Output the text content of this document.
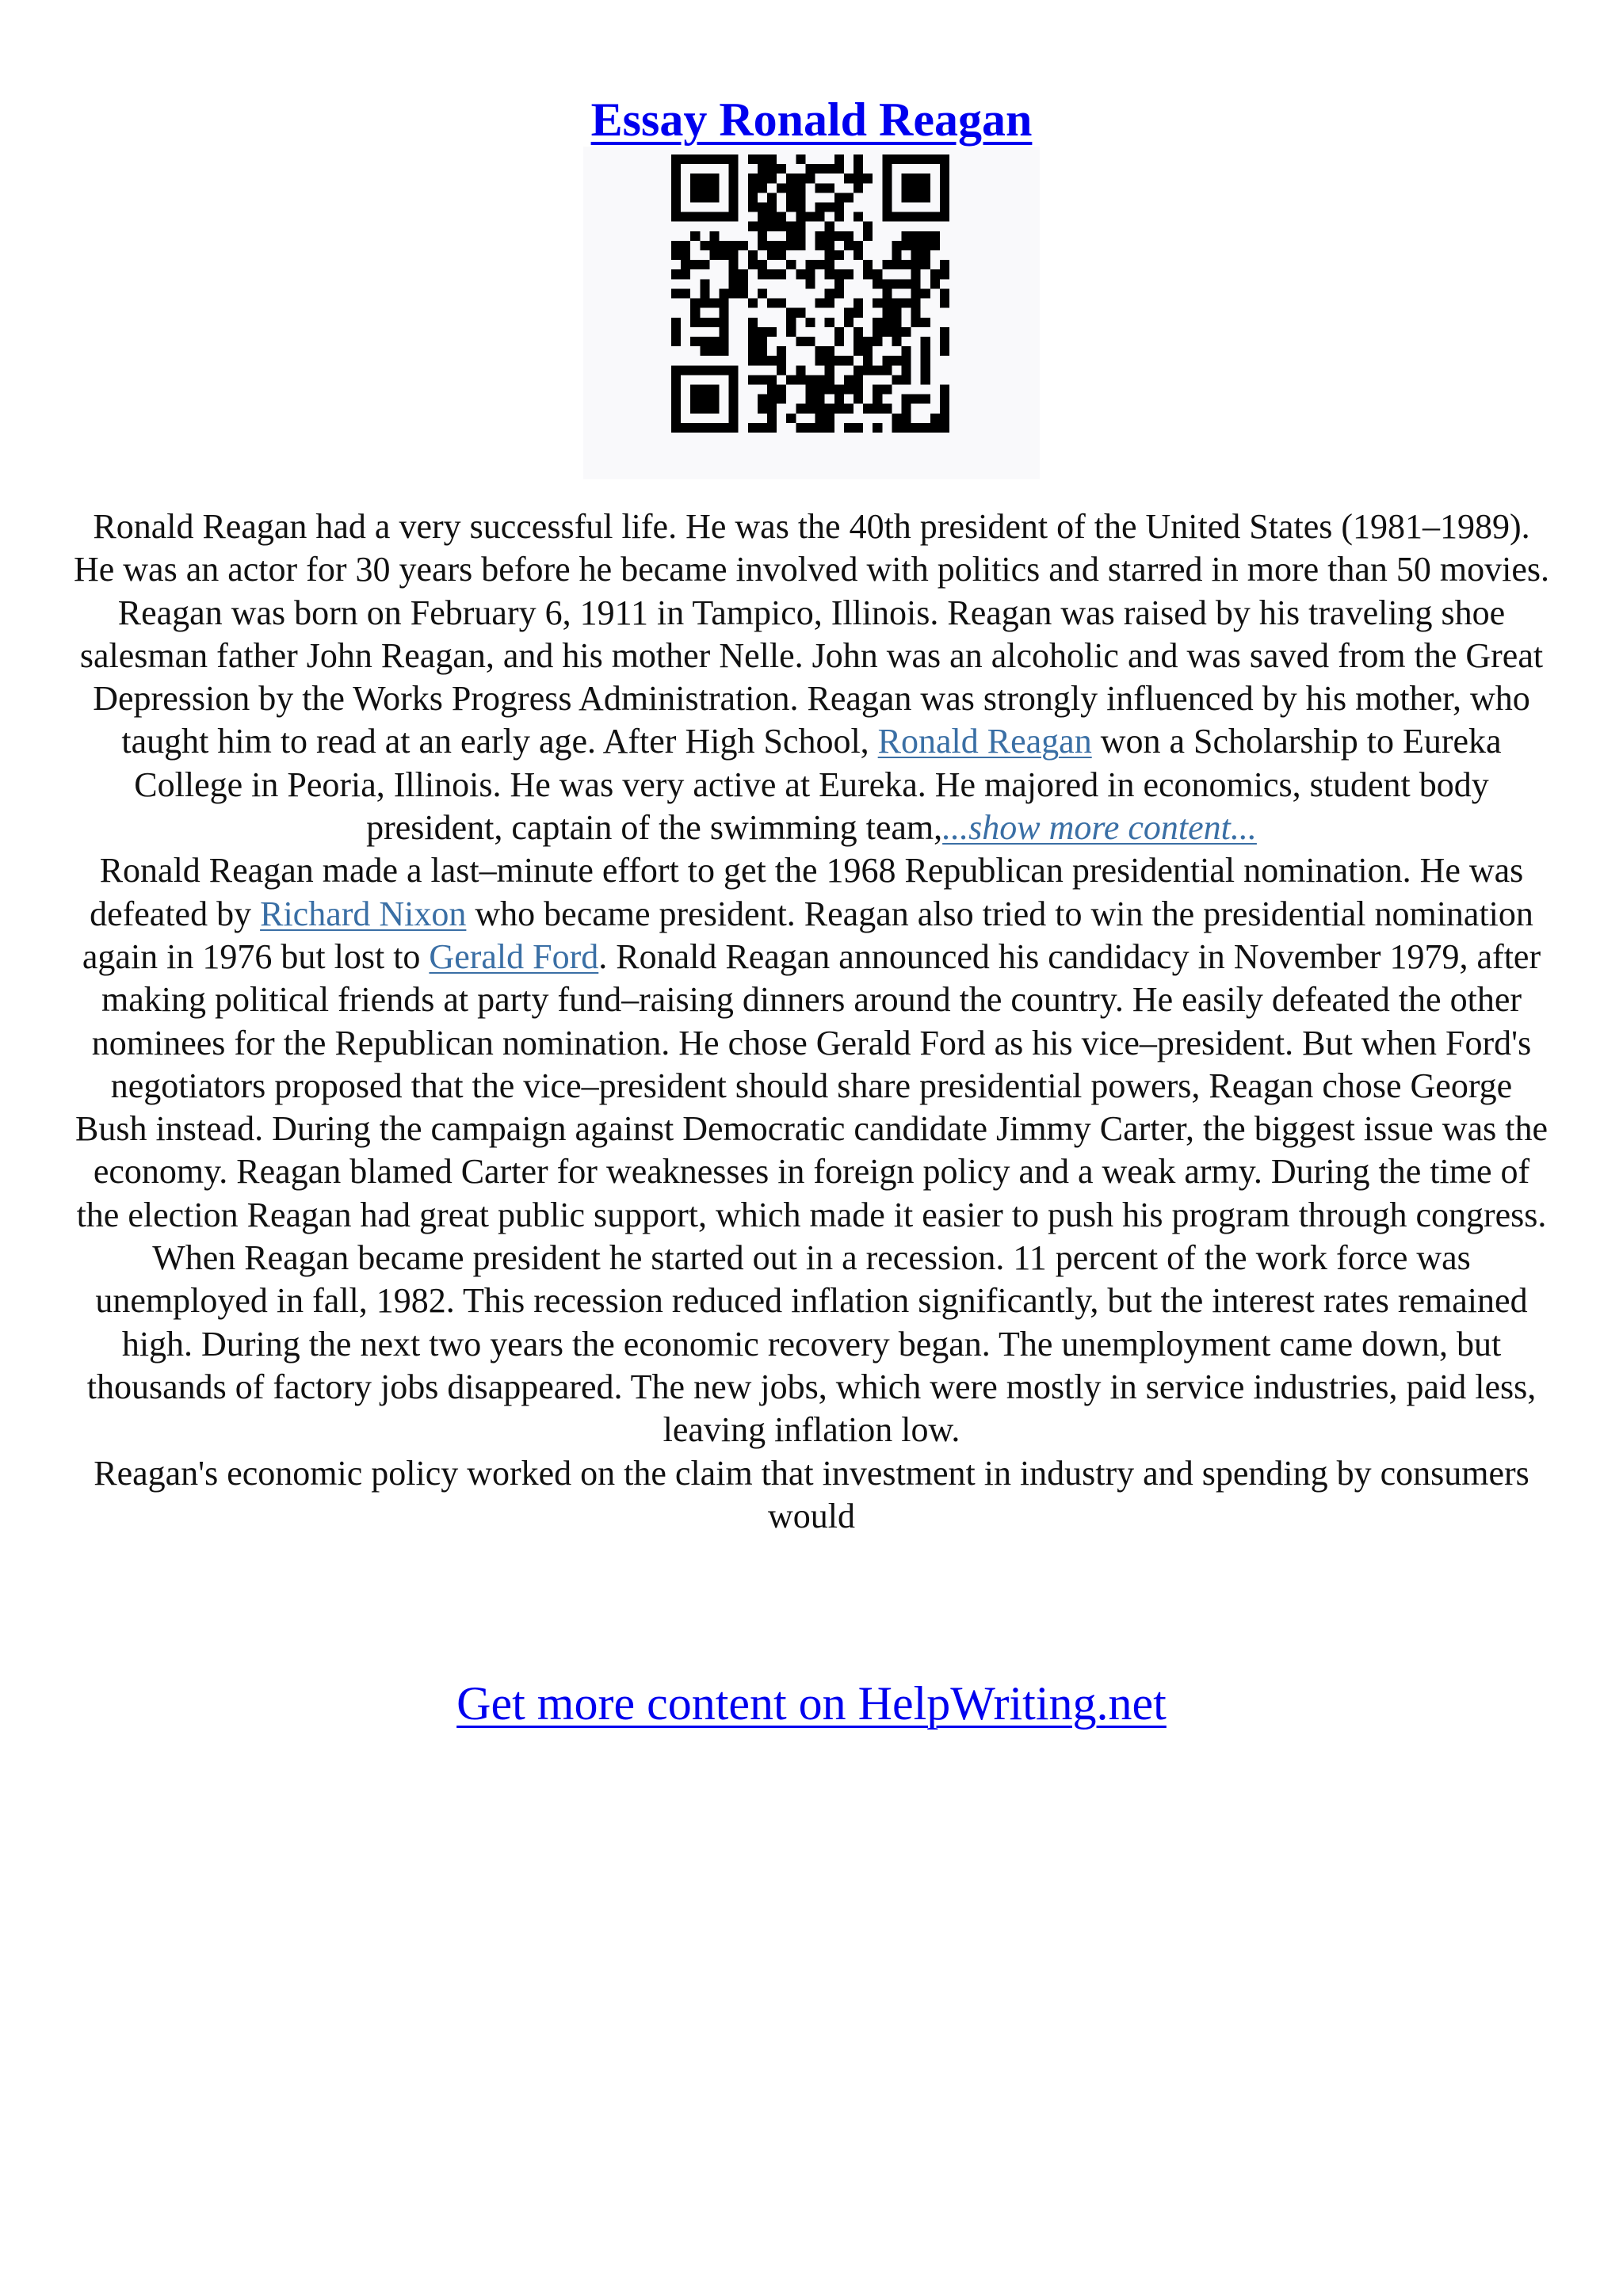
Essay Ronald Reagan

Ronald Reagan had a very successful life. He was the 40th president of the United States (1981–1989). He was an actor for 30 years before he became involved with politics and starred in more than 50 movies. Reagan was born on February 6, 1911 in Tampico, Illinois. Reagan was raised by his traveling shoe salesman father John Reagan, and his mother Nelle. John was an alcoholic and was saved from the Great Depression by the Works Progress Administration. Reagan was strongly influenced by his mother, who taught him to read at an early age. After High School, Ronald Reagan won a Scholarship to Eureka College in Peoria, Illinois. He was very active at Eureka. He majored in economics, student body president, captain of the swimming team,...show more content...

Ronald Reagan made a last–minute effort to get the 1968 Republican presidential nomination. He was defeated by Richard Nixon who became president. Reagan also tried to win the presidential nomination again in 1976 but lost to Gerald Ford. Ronald Reagan announced his candidacy in November 1979, after making political friends at party fund–raising dinners around the country. He easily defeated the other nominees for the Republican nomination. He chose Gerald Ford as his vice–president. But when Ford's negotiators proposed that the vice–president should share presidential powers, Reagan chose George Bush instead. During the campaign against Democratic candidate Jimmy Carter, the biggest issue was the economy. Reagan blamed Carter for weaknesses in foreign policy and a weak army. During the time of the election Reagan had great public support, which made it easier to push his program through congress.

When Reagan became president he started out in a recession. 11 percent of the work force was unemployed in fall, 1982. This recession reduced inflation significantly, but the interest rates remained high. During the next two years the economic recovery began. The unemployment came down, but thousands of factory jobs disappeared. The new jobs, which were mostly in service industries, paid less, leaving inflation low.

Reagan's economic policy worked on the claim that investment in industry and spending by consumers would

Get more content on HelpWriting.net
